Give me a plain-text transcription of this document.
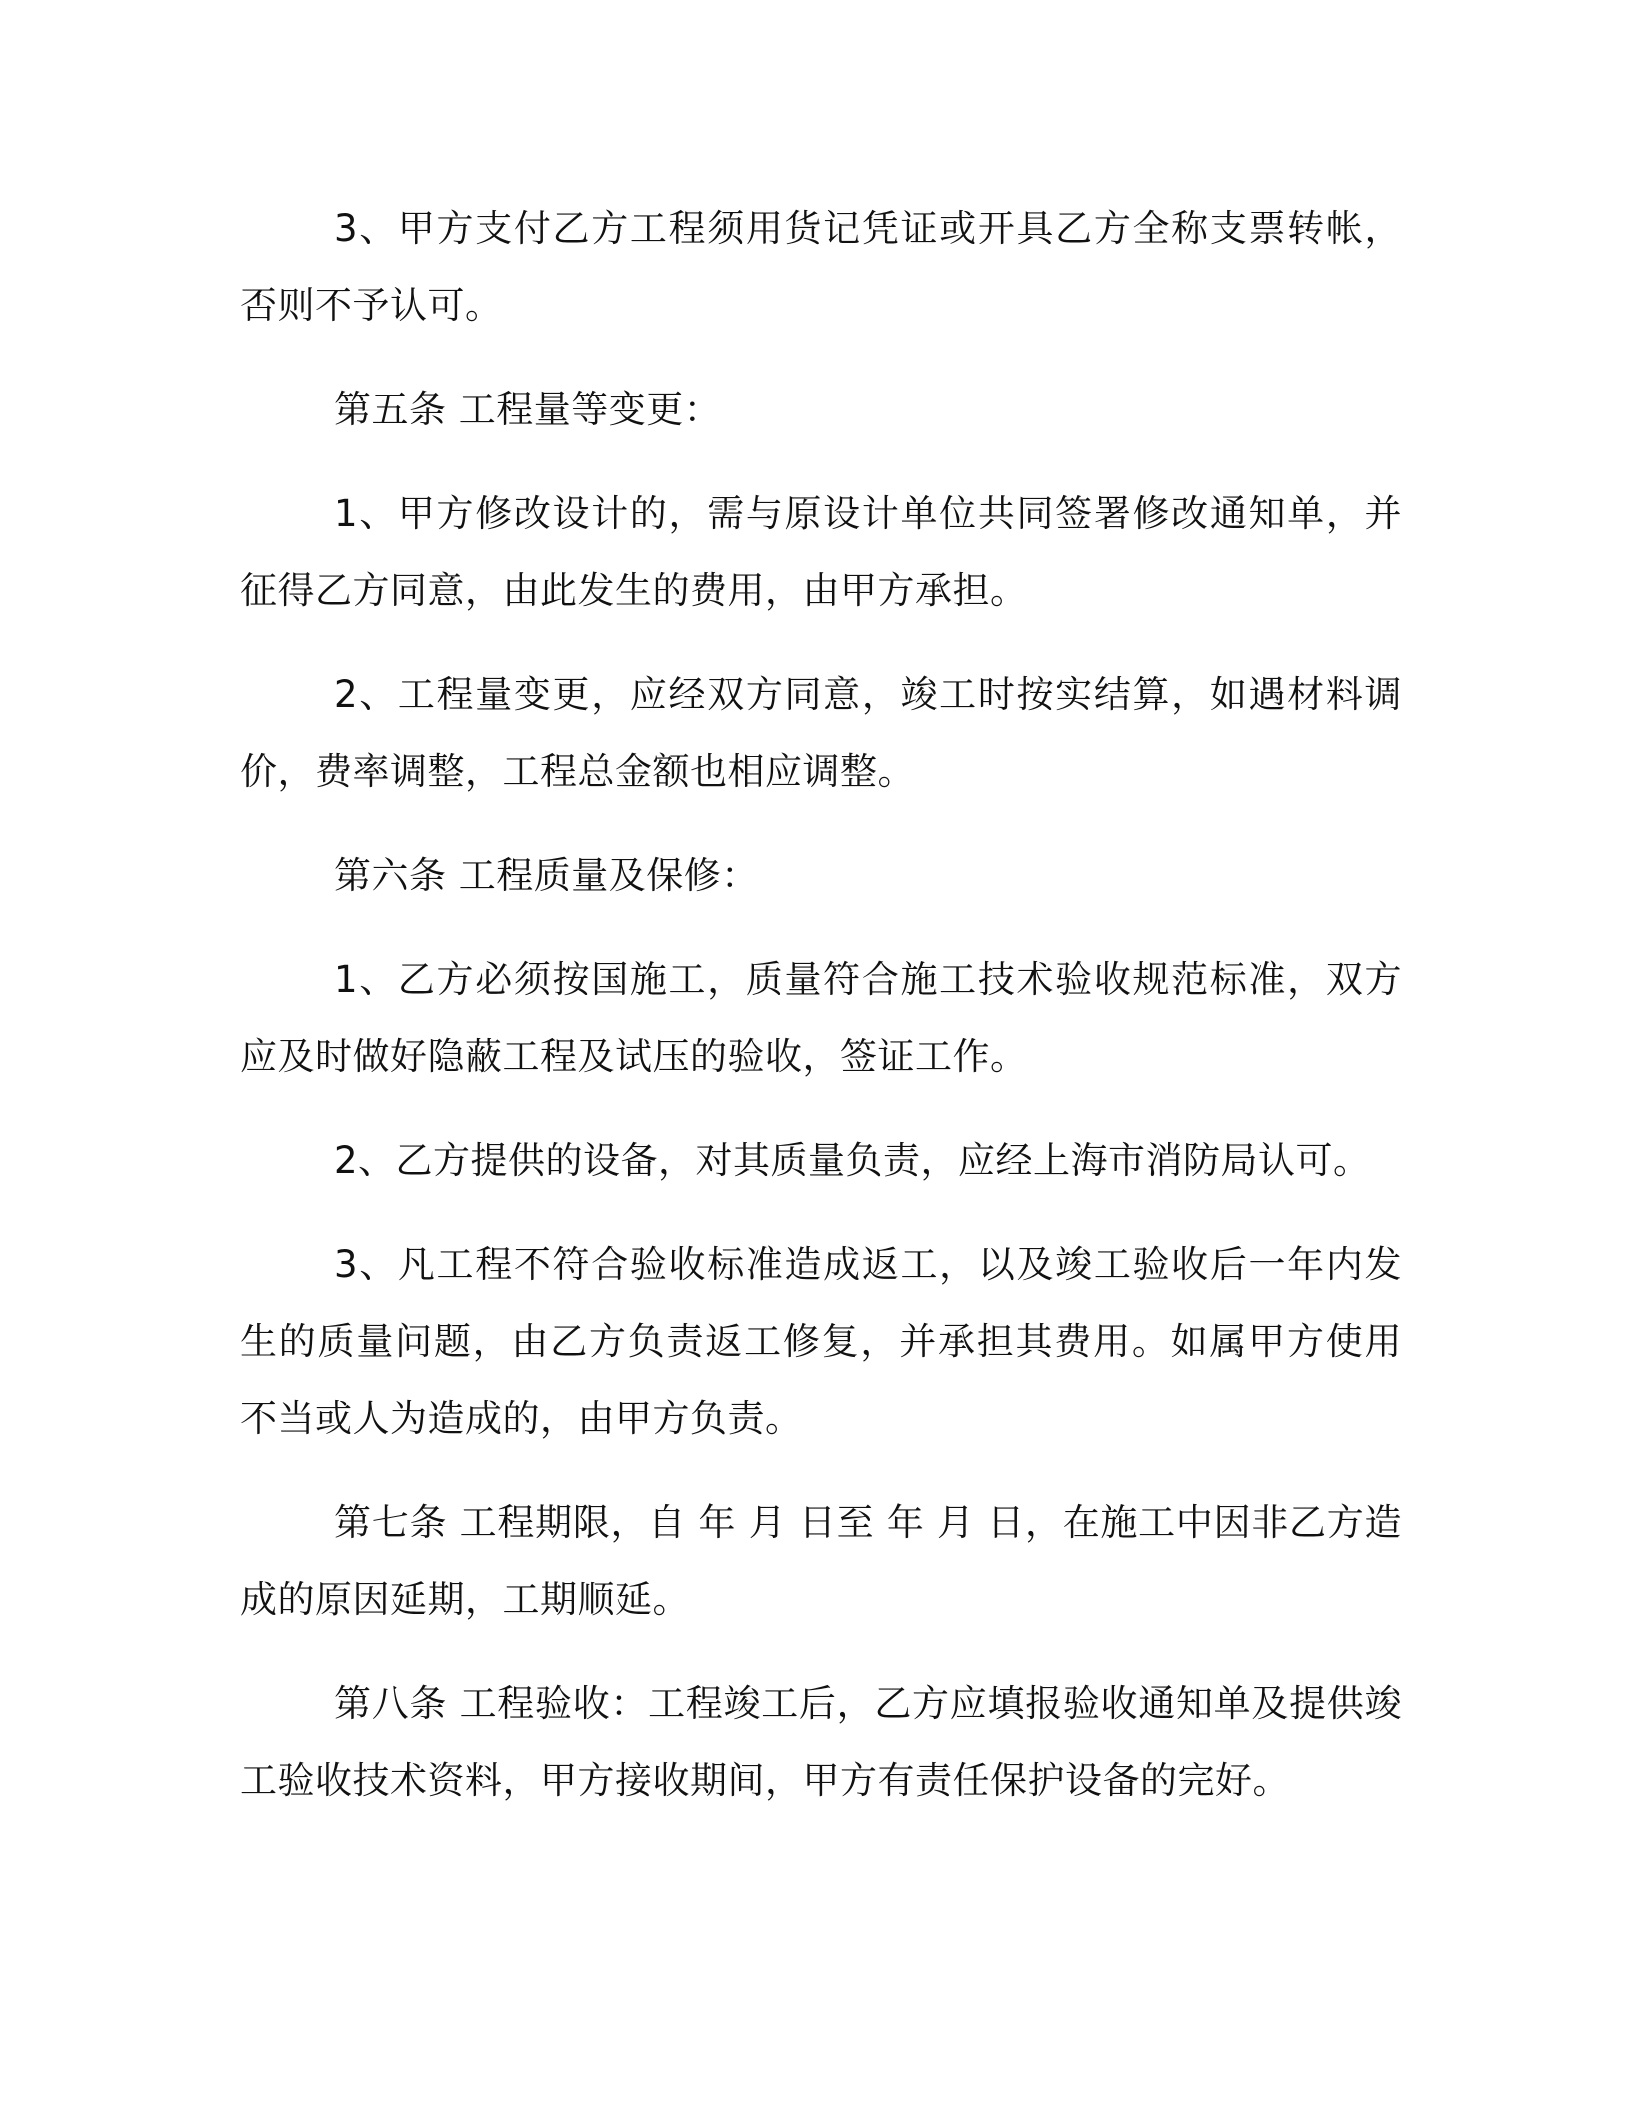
3、甲方支付乙方工程须用货记凭证或开具乙方全称支票转帐，否则不予认可。

第五条 工程量等变更：

1、甲方修改设计的，需与原设计单位共同签署修改通知单，并征得乙方同意，由此发生的费用，由甲方承担。

2、工程量变更，应经双方同意，竣工时按实结算，如遇材料调价，费率调整，工程总金额也相应调整。

第六条 工程质量及保修：

1、乙方必须按国施工，质量符合施工技术验收规范标准，双方应及时做好隐蔽工程及试压的验收，签证工作。

2、乙方提供的设备，对其质量负责，应经上海市消防局认可。

3、凡工程不符合验收标准造成返工，以及竣工验收后一年内发生的质量问题，由乙方负责返工修复，并承担其费用。如属甲方使用不当或人为造成的，由甲方负责。

第七条 工程期限，自 年 月 日至 年 月 日，在施工中因非乙方造成的原因延期，工期顺延。

第八条 工程验收：工程竣工后，乙方应填报验收通知单及提供竣工验收技术资料，甲方接收期间，甲方有责任保护设备的完好。
